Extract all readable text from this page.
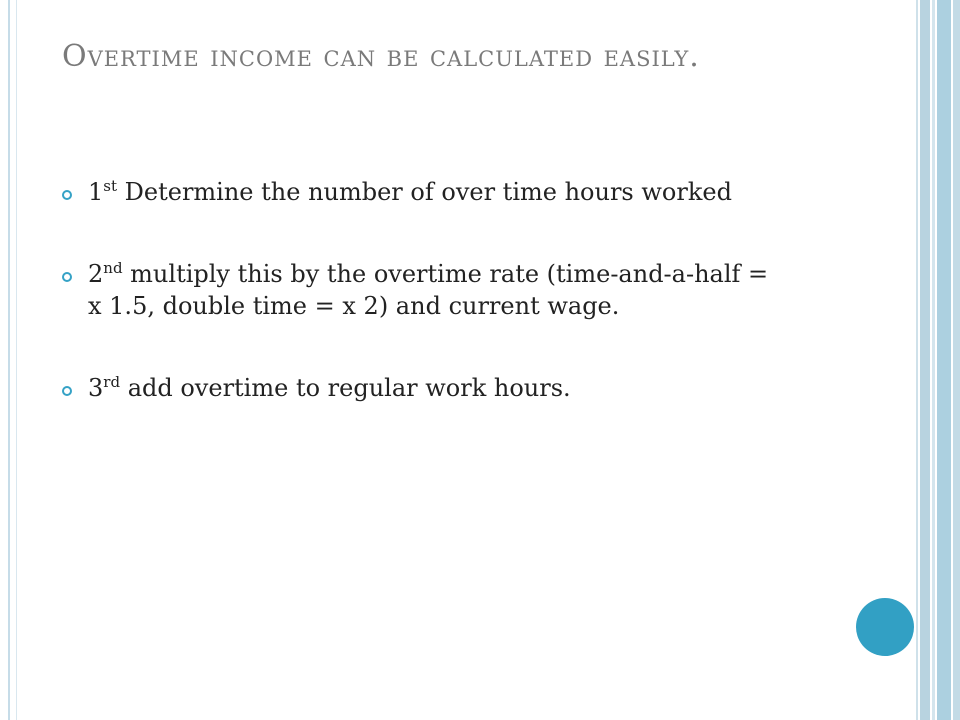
Overtime income can be calculated easily.
1st Determine the number of over time hours worked
2nd multiply this by the overtime rate (time-and-a-half = x 1.5, double time = x 2) and current wage.
3rd add overtime to regular work hours.
